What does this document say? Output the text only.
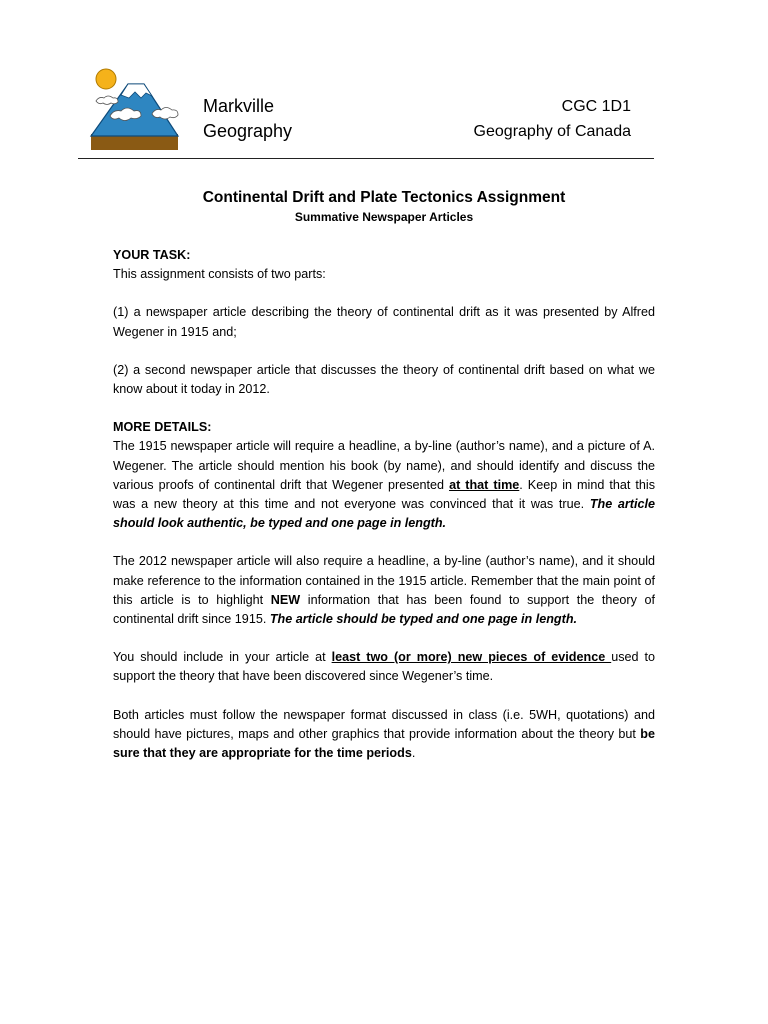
Markville
Geography
CGC 1D1
Geography of Canada
Continental Drift and Plate Tectonics Assignment
Summative Newspaper Articles

YOUR TASK:

This assignment consists of two parts:

(1) a newspaper article describing the theory of continental drift as it was presented by Alfred Wegener in 1915 and;

(2) a second newspaper article that discusses the theory of continental drift based on what we know about it today in 2012.

MORE DETAILS:

The 1915 newspaper article will require a headline, a by-line (author’s name), and a picture of A. Wegener. The article should mention his book (by name), and should identify and discuss the various proofs of continental drift that Wegener presented at that time. Keep in mind that this was a new theory at this time and not everyone was convinced that it was true. The article should look authentic, be typed and one page in length.

The 2012 newspaper article will also require a headline, a by-line (author’s name), and it should make reference to the information contained in the 1915 article. Remember that the main point of this article is to highlight NEW information that has been found to support the theory of continental drift since 1915. The article should be typed and one page in length.

You should include in your article at least two (or more) new pieces of evidence used to support the theory that have been discovered since Wegener’s time.

Both articles must follow the newspaper format discussed in class (i.e. 5WH, quotations) and should have pictures, maps and other graphics that provide information about the theory but be sure that they are appropriate for the time periods.
